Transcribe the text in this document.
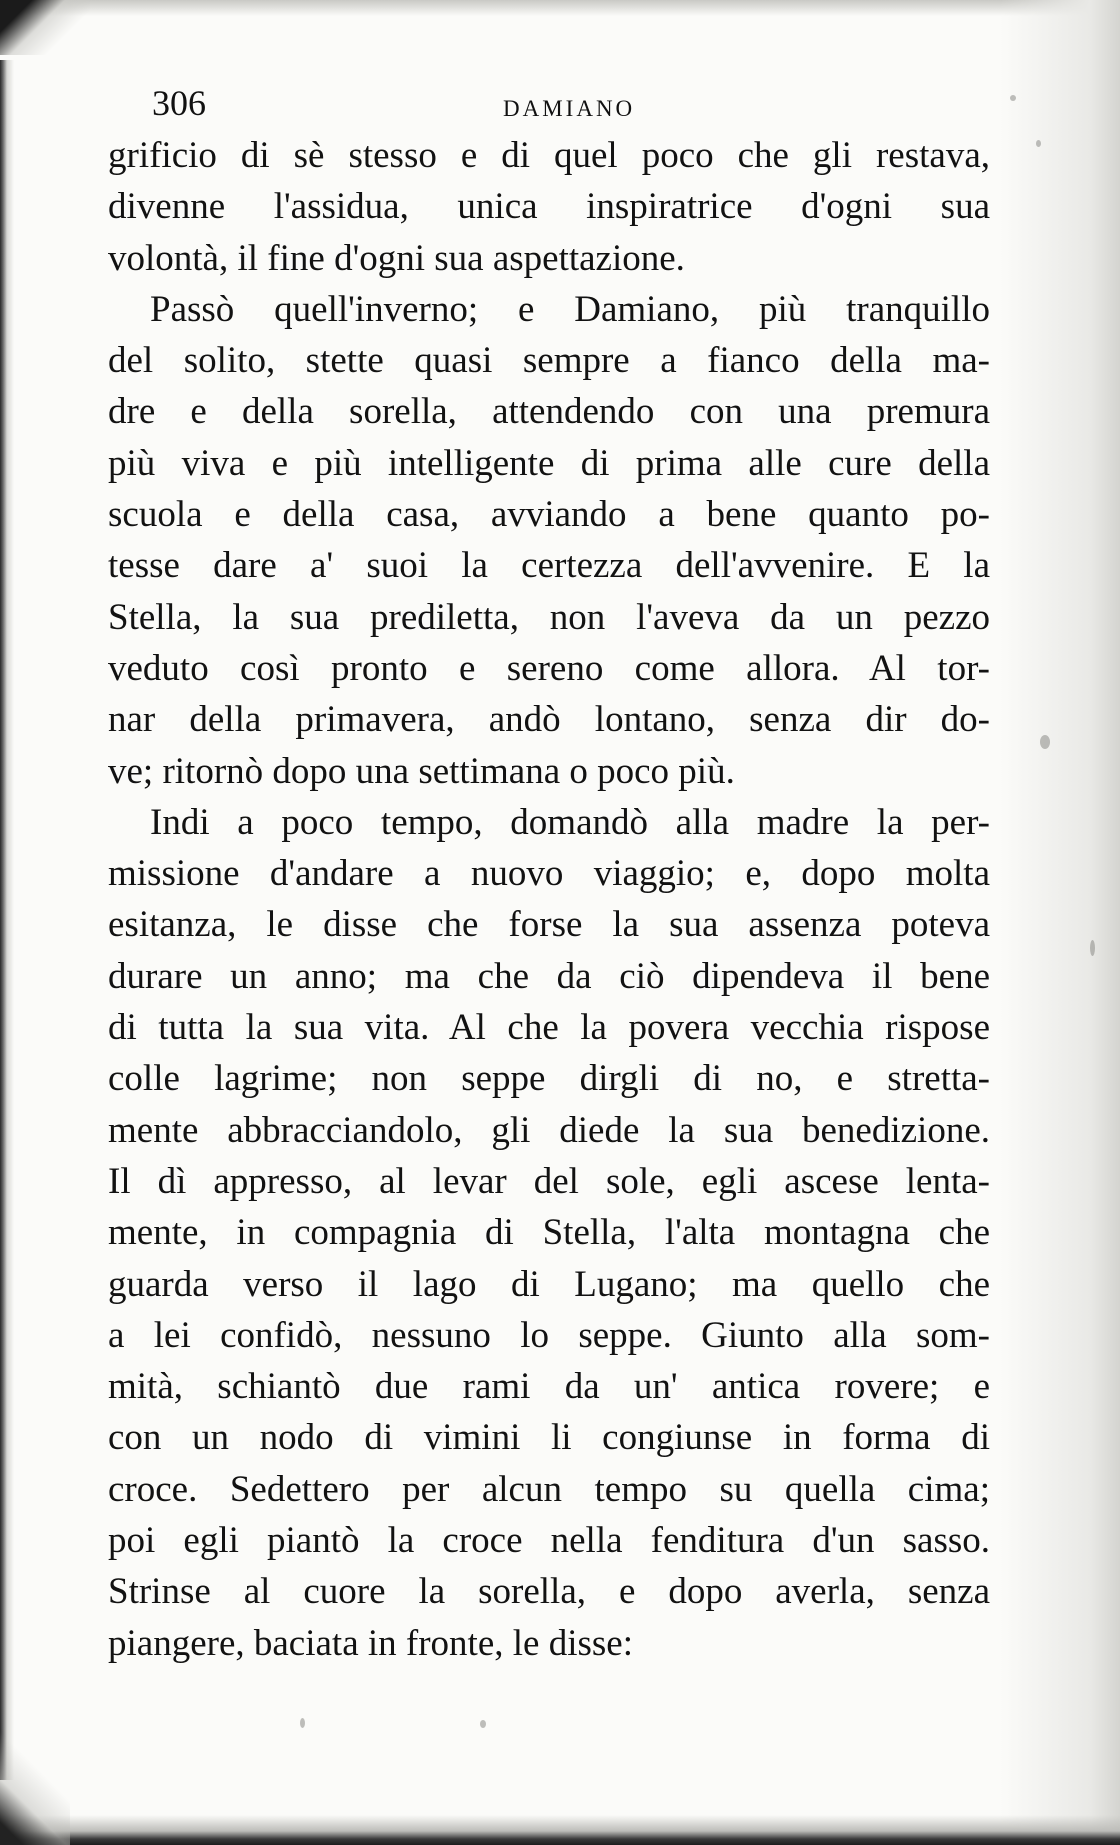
306	DAMIANO
grificio di sè stesso e di quel poco che gli restava,
divenne l'assidua, unica inspiratrice d'ogni sua
volontà, il fine d'ogni sua aspettazione.
Passò quell'inverno; e Damiano, più tranquillo
del solito, stette quasi sempre a fianco della ma-
dre e della sorella, attendendo con una premura
più viva e più intelligente di prima alle cure della
scuola e della casa, avviando a bene quanto po-
tesse dare a' suoi la certezza dell'avvenire. E la
Stella, la sua prediletta, non l'aveva da un pezzo
veduto così pronto e sereno come allora. Al tor-
nar della primavera, andò lontano, senza dir do-
ve; ritornò dopo una settimana o poco più.
Indi a poco tempo, domandò alla madre la per-
missione d'andare a nuovo viaggio; e, dopo molta
esitanza, le disse che forse la sua assenza poteva
durare un anno; ma che da ciò dipendeva il bene
di tutta la sua vita. Al che la povera vecchia rispose
colle lagrime; non seppe dirgli di no, e stretta-
mente abbracciandolo, gli diede la sua benedizione.
Il dì appresso, al levar del sole, egli ascese lenta-
mente, in compagnia di Stella, l'alta montagna che
guarda verso il lago di Lugano; ma quello che
a lei confidò, nessuno lo seppe. Giunto alla som-
mità, schiantò due rami da un' antica rovere; e
con un nodo di vimini li congiunse in forma di
croce. Sedettero per alcun tempo su quella cima;
poi egli piantò la croce nella fenditura d'un sasso.
Strinse al cuore la sorella, e dopo averla, senza
piangere, baciata in fronte, le disse:
